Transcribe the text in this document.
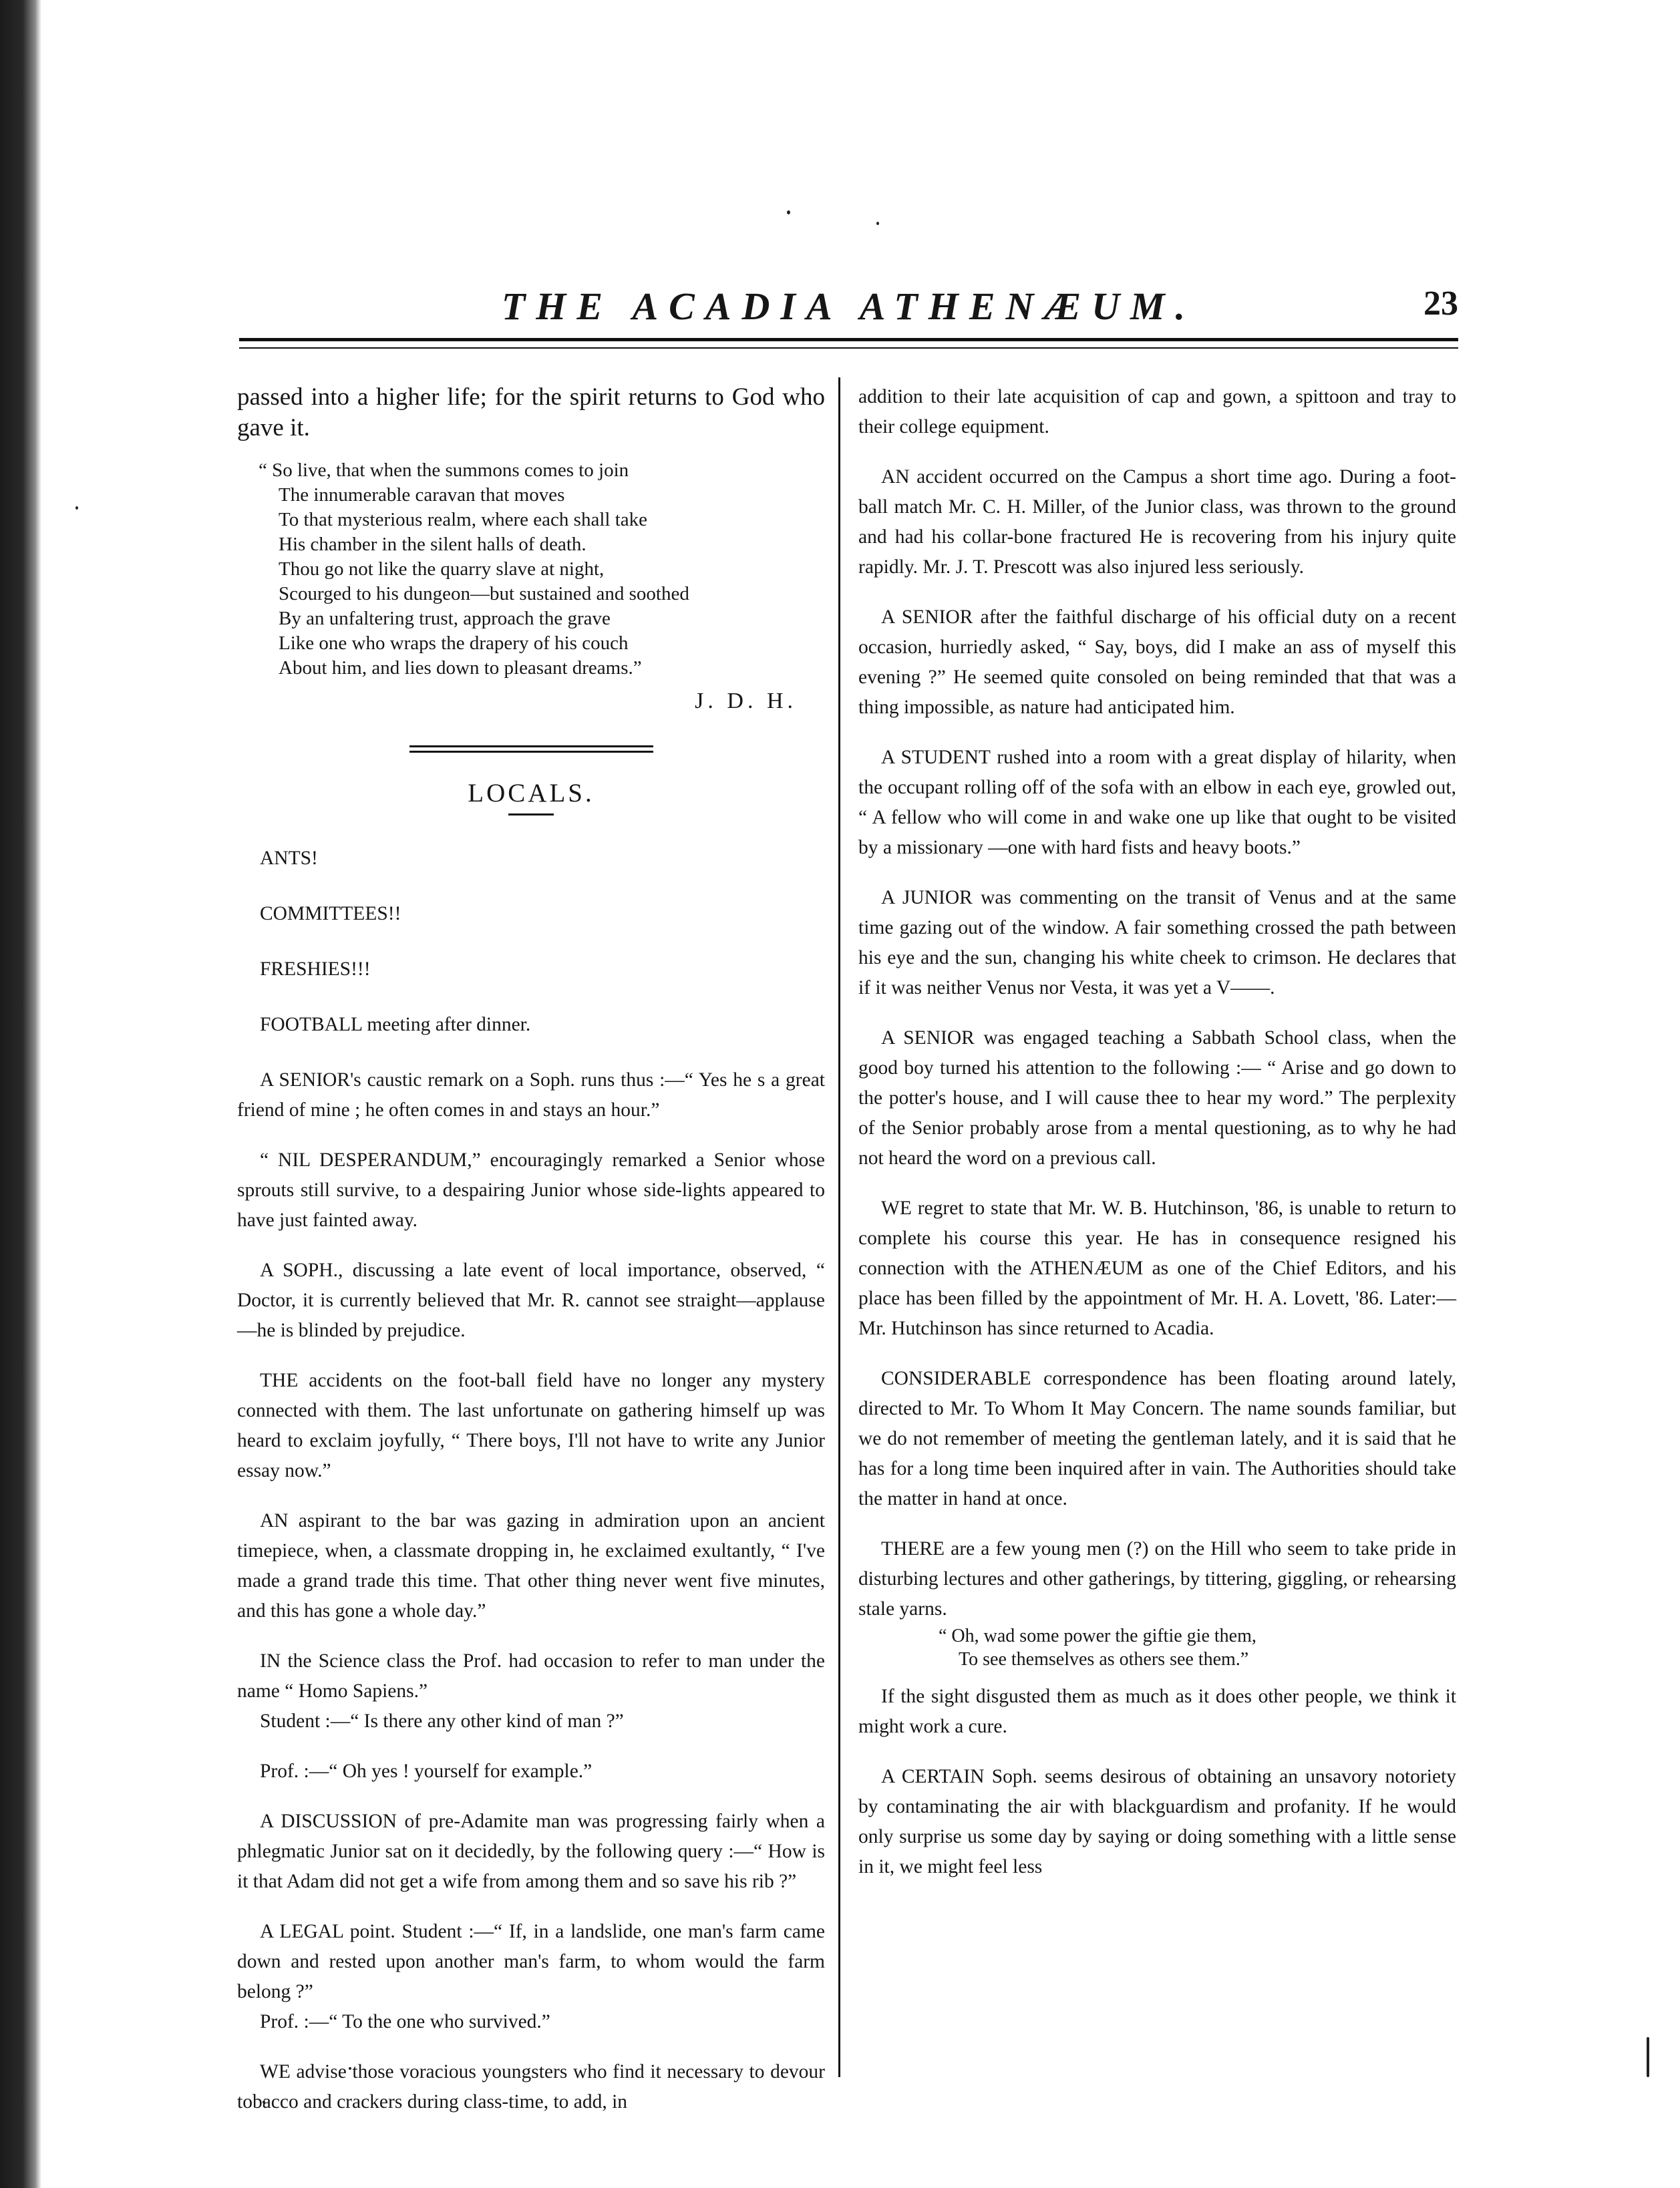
THE ACADIA ATHENÆUM.	23

passed into a higher life; for the spirit returns to God who gave it.

“ So live, that when the summons comes to join
The innumerable caravan that moves
To that mysterious realm, where each shall take
His chamber in the silent halls of death.
Thou go not like the quarry slave at night,
Scourged to his dungeon—but sustained and soothed
By an unfaltering trust, approach the grave
Like one who wraps the drapery of his couch
About him, and lies down to pleasant dreams.”
J. D. H.
LOCALS.

ANTS!

COMMITTEES!!

FRESHIES!!!

FOOTBALL meeting after dinner.

A SENIOR's caustic remark on a Soph. runs thus :—“ Yes he s a great friend of mine ; he often comes in and stays an hour.”

“ NIL DESPERANDUM,” encouragingly remarked a Senior whose sprouts still survive, to a despairing Junior whose side-lights appeared to have just fainted away.

A SOPH., discussing a late event of local importance, observed, “ Doctor, it is currently believed that Mr. R. cannot see straight—applause—he is blinded by prejudice.

THE accidents on the foot-ball field have no longer any mystery connected with them. The last unfortunate on gathering himself up was heard to exclaim joyfully, “ There boys, I'll not have to write any Junior essay now.”

AN aspirant to the bar was gazing in admiration upon an ancient timepiece, when, a classmate dropping in, he exclaimed exultantly, “ I've made a grand trade this time. That other thing never went five minutes, and this has gone a whole day.”

IN the Science class the Prof. had occasion to refer to man under the name “ Homo Sapiens.”

Student :—“ Is there any other kind of man ?”

Prof. :—“ Oh yes ! yourself for example.”

A DISCUSSION of pre-Adamite man was progressing fairly when a phlegmatic Junior sat on it decidedly, by the following query :—“ How is it that Adam did not get a wife from among them and so save his rib ?”

A LEGAL point. Student :—“ If, in a landslide, one man's farm came down and rested upon another man's farm, to whom would the farm belong ?”

Prof. :—“ To the one who survived.”

WE advise those voracious youngsters who find it necessary to devour tobacco and crackers during class-time, to add, in

addition to their late acquisition of cap and gown, a spittoon and tray to their college equipment.

AN accident occurred on the Campus a short time ago. During a foot-ball match Mr. C. H. Miller, of the Junior class, was thrown to the ground and had his collar-bone fractured He is recovering from his injury quite rapidly. Mr. J. T. Prescott was also injured less seriously.

A SENIOR after the faithful discharge of his official duty on a recent occasion, hurriedly asked, “ Say, boys, did I make an ass of myself this evening ?” He seemed quite consoled on being reminded that that was a thing impossible, as nature had anticipated him.

A STUDENT rushed into a room with a great display of hilarity, when the occupant rolling off of the sofa with an elbow in each eye, growled out, “ A fellow who will come in and wake one up like that ought to be visited by a missionary —one with hard fists and heavy boots.”

A JUNIOR was commenting on the transit of Venus and at the same time gazing out of the window. A fair something crossed the path between his eye and the sun, changing his white cheek to crimson. He declares that if it was neither Venus nor Vesta, it was yet a V——.

A SENIOR was engaged teaching a Sabbath School class, when the good boy turned his attention to the following :— “ Arise and go down to the potter's house, and I will cause thee to hear my word.” The perplexity of the Senior probably arose from a mental questioning, as to why he had not heard the word on a previous call.

WE regret to state that Mr. W. B. Hutchinson, '86, is unable to return to complete his course this year. He has in consequence resigned his connection with the ATHENÆUM as one of the Chief Editors, and his place has been filled by the appointment of Mr. H. A. Lovett, '86. Later:—Mr. Hutchinson has since returned to Acadia.

CONSIDERABLE correspondence has been floating around lately, directed to Mr. To Whom It May Concern. The name sounds familiar, but we do not remember of meeting the gentleman lately, and it is said that he has for a long time been inquired after in vain. The Authorities should take the matter in hand at once.

THERE are a few young men (?) on the Hill who seem to take pride in disturbing lectures and other gatherings, by tittering, giggling, or rehearsing stale yarns.

“ Oh, wad some power the giftie gie them,
To see themselves as others see them.”

If the sight disgusted them as much as it does other people, we think it might work a cure.

A CERTAIN Soph. seems desirous of obtaining an unsavory notoriety by contaminating the air with blackguardism and profanity. If he would only surprise us some day by saying or doing something with a little sense in it, we might feel less
